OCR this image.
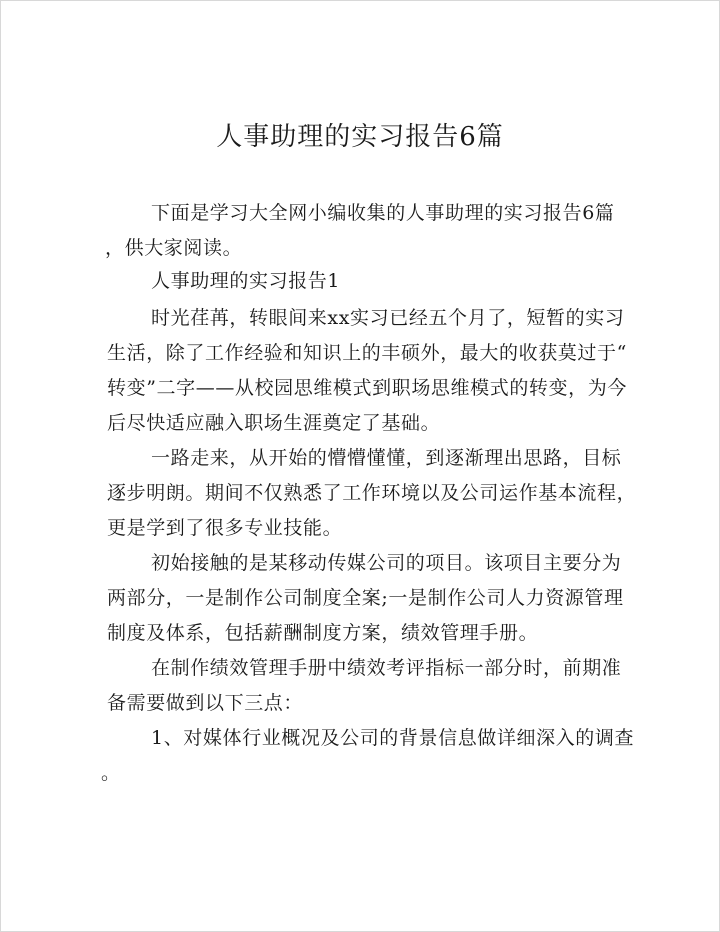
人事助理的实习报告6篇

下面是学习大全网小编收集的人事助理的实习报告6篇

，供大家阅读。

人事助理的实习报告1

时光荏苒，转眼间来xx实习已经五个月了，短暂的实习

生活，除了工作经验和知识上的丰硕外，最大的收获莫过于“

转变”二字——从校园思维模式到职场思维模式的转变，为今

后尽快适应融入职场生涯奠定了基础。

一路走来，从开始的懵懵懂懂，到逐渐理出思路，目标

逐步明朗。期间不仅熟悉了工作环境以及公司运作基本流程，

更是学到了很多专业技能。

初始接触的是某移动传媒公司的项目。该项目主要分为

两部分，一是制作公司制度全案;一是制作公司人力资源管理

制度及体系，包括薪酬制度方案，绩效管理手册。

在制作绩效管理手册中绩效考评指标一部分时，前期准

备需要做到以下三点：

1、对媒体行业概况及公司的背景信息做详细深入的调查

。
